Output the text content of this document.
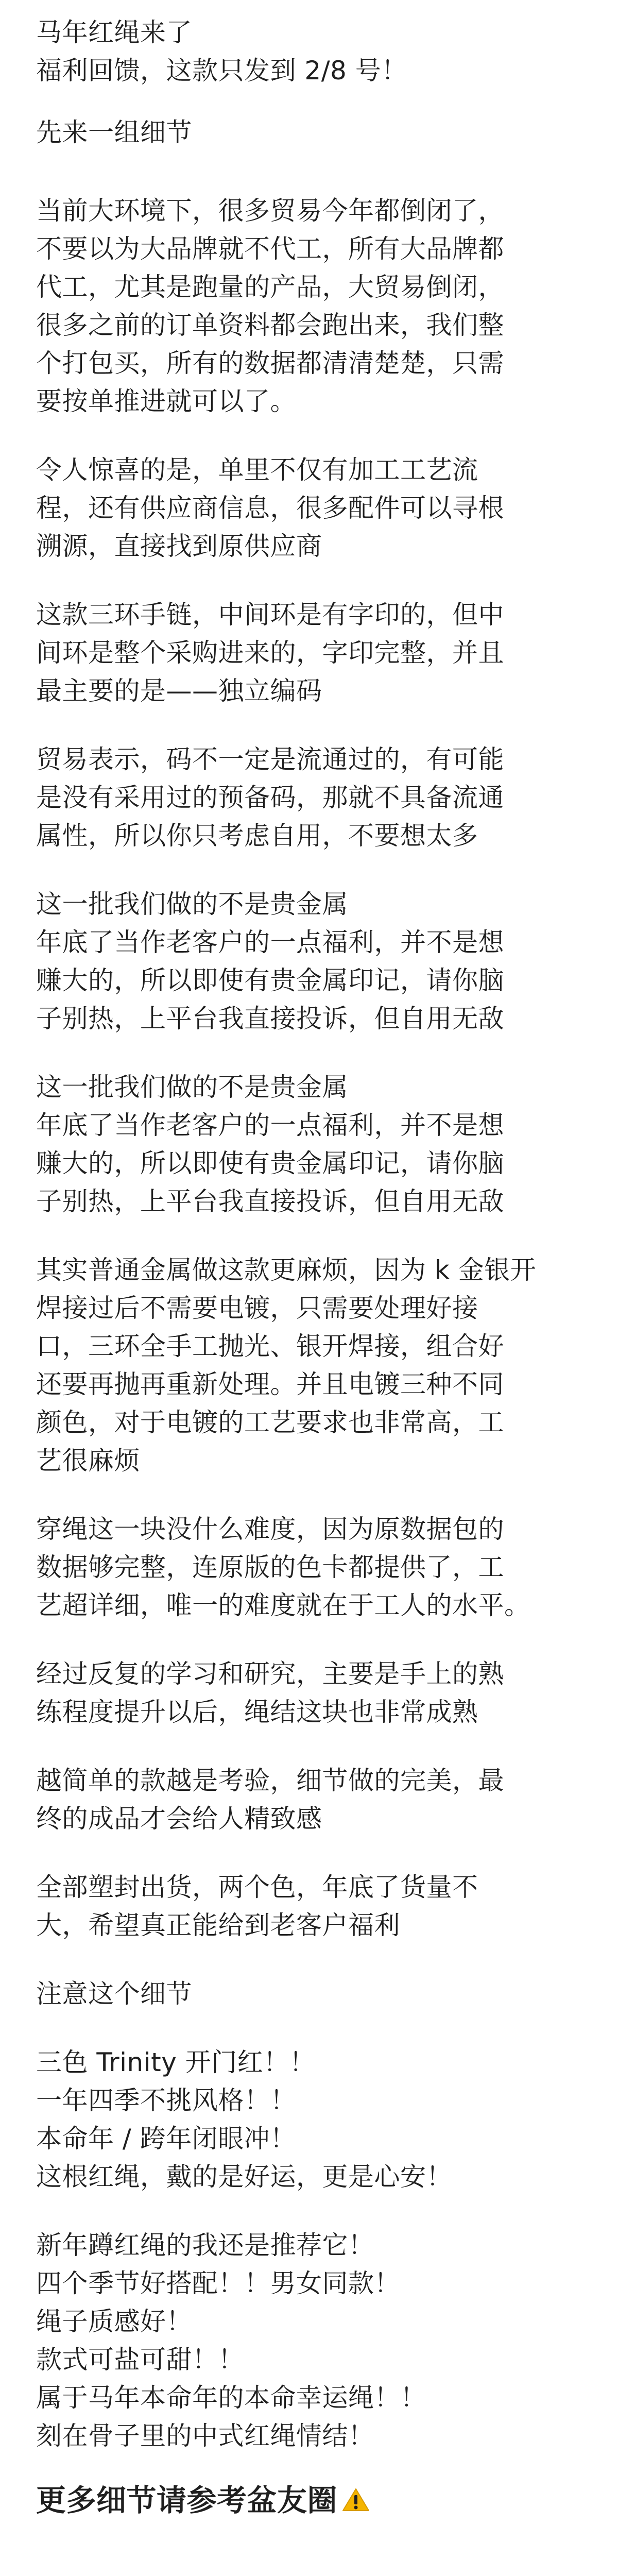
马年红绳来了
福利回馈，这款只发到 2/8 号！
先来一组细节
当前大环境下，很多贸易今年都倒闭了，
不要以为大品牌就不代工，所有大品牌都
代工，尤其是跑量的产品，大贸易倒闭，
很多之前的订单资料都会跑出来，我们整
个打包买，所有的数据都清清楚楚，只需
要按单推进就可以了。
令人惊喜的是，单里不仅有加工工艺流
程，还有供应商信息，很多配件可以寻根
溯源，直接找到原供应商
这款三环手链，中间环是有字印的，但中
间环是整个采购进来的，字印完整，并且
最主要的是——独立编码
贸易表示，码不一定是流通过的，有可能
是没有采用过的预备码，那就不具备流通
属性，所以你只考虑自用，不要想太多
这一批我们做的不是贵金属
年底了当作老客户的一点福利，并不是想
赚大的，所以即使有贵金属印记，请你脑
子别热，上平台我直接投诉，但自用无敌
这一批我们做的不是贵金属
年底了当作老客户的一点福利，并不是想
赚大的，所以即使有贵金属印记，请你脑
子别热，上平台我直接投诉，但自用无敌
其实普通金属做这款更麻烦，因为 k 金银开
焊接过后不需要电镀，只需要处理好接
口，三环全手工抛光、银开焊接，组合好
还要再抛再重新处理。并且电镀三种不同
颜色，对于电镀的工艺要求也非常高，工
艺很麻烦
穿绳这一块没什么难度，因为原数据包的
数据够完整，连原版的色卡都提供了，工
艺超详细，唯一的难度就在于工人的水平。
经过反复的学习和研究，主要是手上的熟
练程度提升以后，绳结这块也非常成熟
越简单的款越是考验，细节做的完美，最
终的成品才会给人精致感
全部塑封出货，两个色，年底了货量不
大，希望真正能给到老客户福利
注意这个细节
三色 Trinity 开门红！！
一年四季不挑风格！！
本命年 / 跨年闭眼冲！
这根红绳，戴的是好运，更是心安！
新年蹲红绳的我还是推荐它！
四个季节好搭配！！男女同款！
绳子质感好！
款式可盐可甜！！
属于马年本命年的本命幸运绳！！
刻在骨子里的中式红绳情结！
更多细节请参考盆友圈
